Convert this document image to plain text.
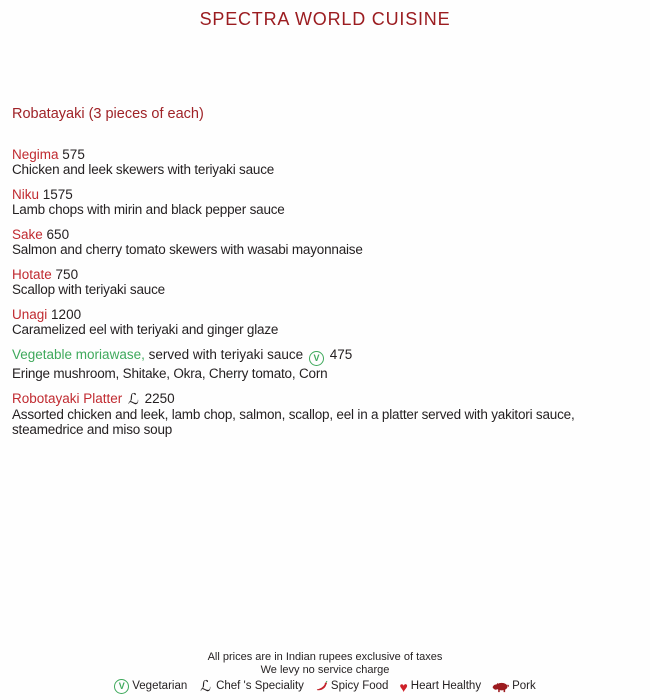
SPECTRA WORLD CUISINE
Robatayaki (3 pieces of each)
Negima 575
Chicken and leek skewers with teriyaki sauce
Niku 1575
Lamb chops with mirin and black pepper sauce
Sake 650
Salmon and cherry tomato skewers with wasabi mayonnaise
Hotate 750
Scallop with teriyaki sauce
Unagi 1200
Caramelized eel with teriyaki and ginger glaze
Vegetable moriawase, served with teriyaki sauce V 475
Eringe mushroom, Shitake, Okra, Cherry tomato, Corn
Robotayaki Platter ℒ 2250
Assorted chicken and leek, lamb chop, salmon, scallop, eel in a platter served with yakitori sauce, steamedrice and miso soup
All prices are in Indian rupees exclusive of taxes
We levy no service charge
V Vegetarian ℒ Chef 's Speciality Spicy Food ♥ Heart Healthy	Pork
